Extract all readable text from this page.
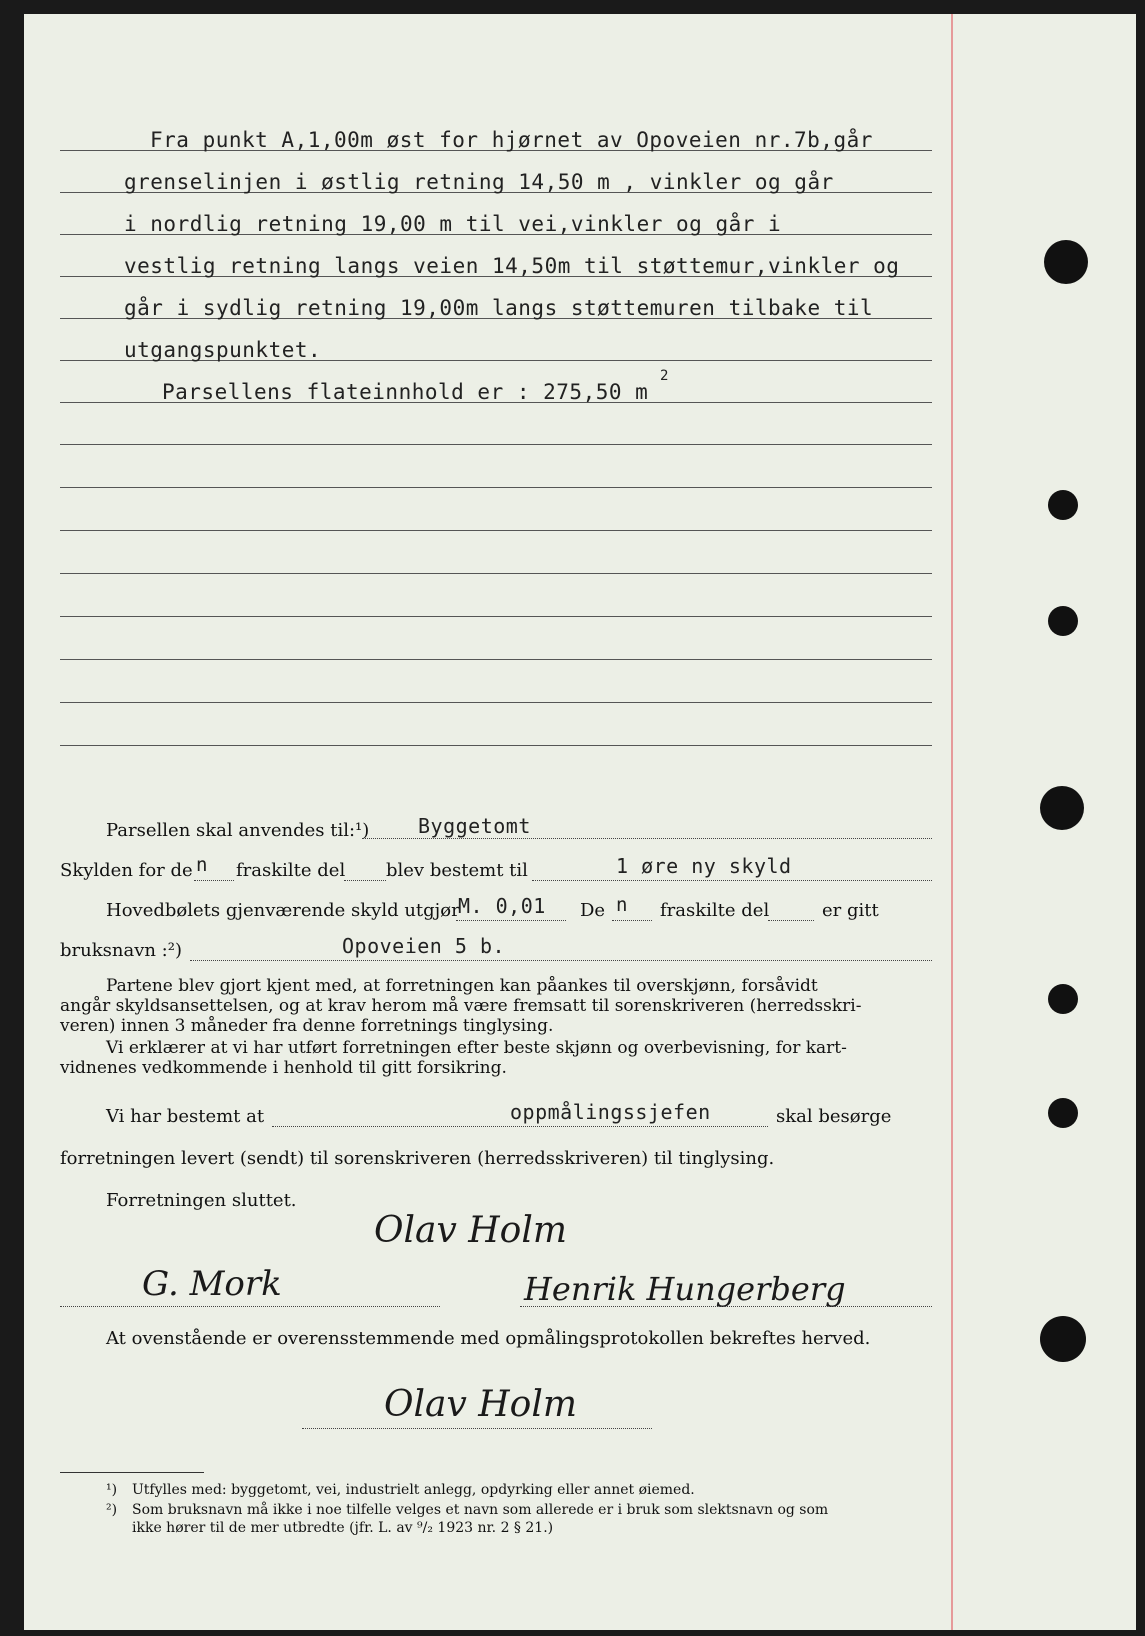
Fra punkt A,1,00m øst for hjørnet av Opoveien nr.7b,går
grenselinjen i østlig retning 14,50 m , vinkler og går
i nordlig retning 19,00 m til vei,vinkler og går i
vestlig retning langs veien 14,50m til støttemur,vinkler og
går i sydlig retning 19,00m langs støttemuren tilbake til
utgangspunktet.
Parsellens flateinnhold er : 275,50 m
2
Parsellen skal anvendes til:¹) Byggetomt
Skylden for de n fraskilte del blev bestemt til	1 øre ny skyld
Hovedbølets gjenværende skyld utgjør
M. 0,01 De n fraskilte del	er gitt
bruksnavn :²)	Opoveien 5 b.
Partene blev gjort kjent med, at forretningen kan påankes til overskjønn, forsåvidt
angår skyldsansettelsen, og at krav herom må være fremsatt til sorenskriveren (herredsskri-
veren) innen 3 måneder fra denne forretnings tinglysing.
Vi erklærer at vi har utført forretningen efter beste skjønn og overbevisning, for kart-
vidnenes vedkommende i henhold til gitt forsikring.
Vi har bestemt at	oppmålingssjefen	skal besørge
forretningen levert (sendt) til sorenskriveren (herredsskriveren) til tinglysing.
Forretningen sluttet.
Olav Holm
G. Mork	Henrik Hungerberg
At ovenstående er overensstemmende med opmålingsprotokollen bekreftes herved.
Olav Holm
¹) Utfylles med: byggetomt, vei, industrielt anlegg, opdyrking eller annet øiemed.
²) Som bruksnavn må ikke i noe tilfelle velges et navn som allerede er i bruk som slektsnavn og som
ikke hører til de mer utbredte (jfr. L. av ⁹/₂ 1923 nr. 2 § 21.)
